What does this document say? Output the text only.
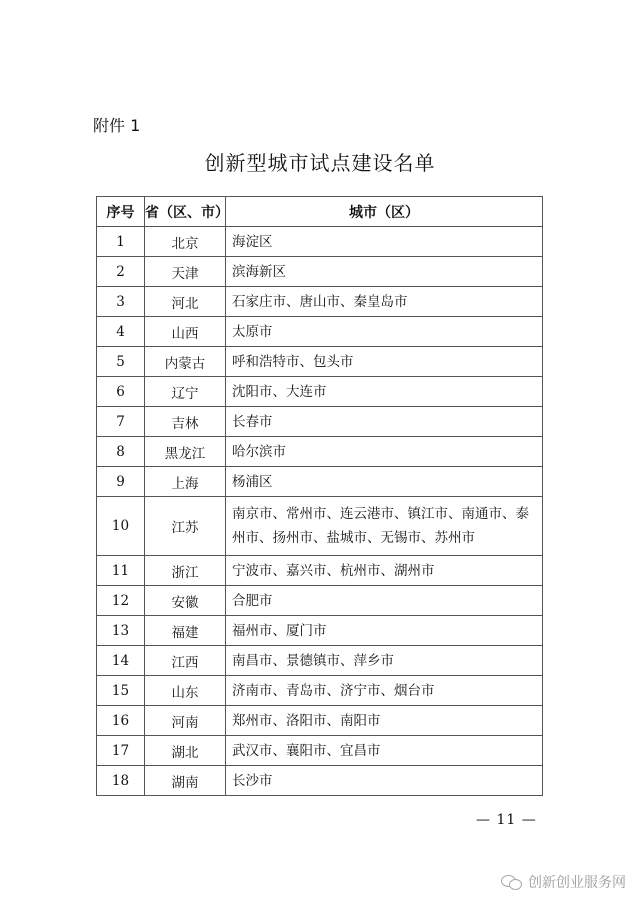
附件 1
创新型城市试点建设名单
序号	省（区、市）	城市（区）
1	北京	海淀区
2	天津	滨海新区
3	河北	石家庄市、唐山市、秦皇岛市
4	山西	太原市
5	内蒙古	呼和浩特市、包头市
6	辽宁	沈阳市、大连市
7	吉林	长春市
8	黑龙江	哈尔滨市
9	上海	杨浦区
10	江苏	南京市、常州市、连云港市、镇江市、南通市、泰州市、扬州市、盐城市、无锡市、苏州市
11	浙江	宁波市、嘉兴市、杭州市、湖州市
12	安徽	合肥市
13	福建	福州市、厦门市
14	江西	南昌市、景德镇市、萍乡市
15	山东	济南市、青岛市、济宁市、烟台市
16	河南	郑州市、洛阳市、南阳市
17	湖北	武汉市、襄阳市、宜昌市
18	湖南	长沙市
— 11 —
创新创业服务网
